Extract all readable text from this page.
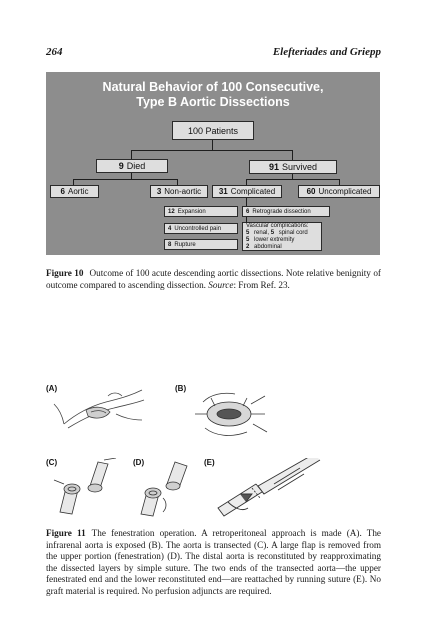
264	Elefteriades and Griepp
Natural Behavior of 100 Consecutive,
Type B Aortic Dissections
100 Patients
9 Died	91 Survived
6 Aortic	3 Non-aortic 31 Complicated	60 Uncomplicated
12 Expansion
4 Uncontrolled pain
8 Rupture
6 Retrograde dissection
Vascular complications:
5 renal, 5 spinal cord
5 lower extremity
2 abdominal
Figure 10 Outcome of 100 acute descending aortic dissections. Note relative benignity of outcome compared to ascending dissection. Source: From Ref. 23.
(A)	(B)
(C)	(D)	(E)
Figure 11 The fenestration operation. A retroperitoneal approach is made (A). The infrarenal aorta is exposed (B). The aorta is transected (C). A large flap is removed from the upper portion (fenestration) (D). The distal aorta is reconstituted by reapproximating the dissected layers by simple suture. The two ends of the transected aorta—the upper fenestrated end and the lower reconstituted end—are reattached by running suture (E). No graft material is required. No perfusion adjuncts are required.
